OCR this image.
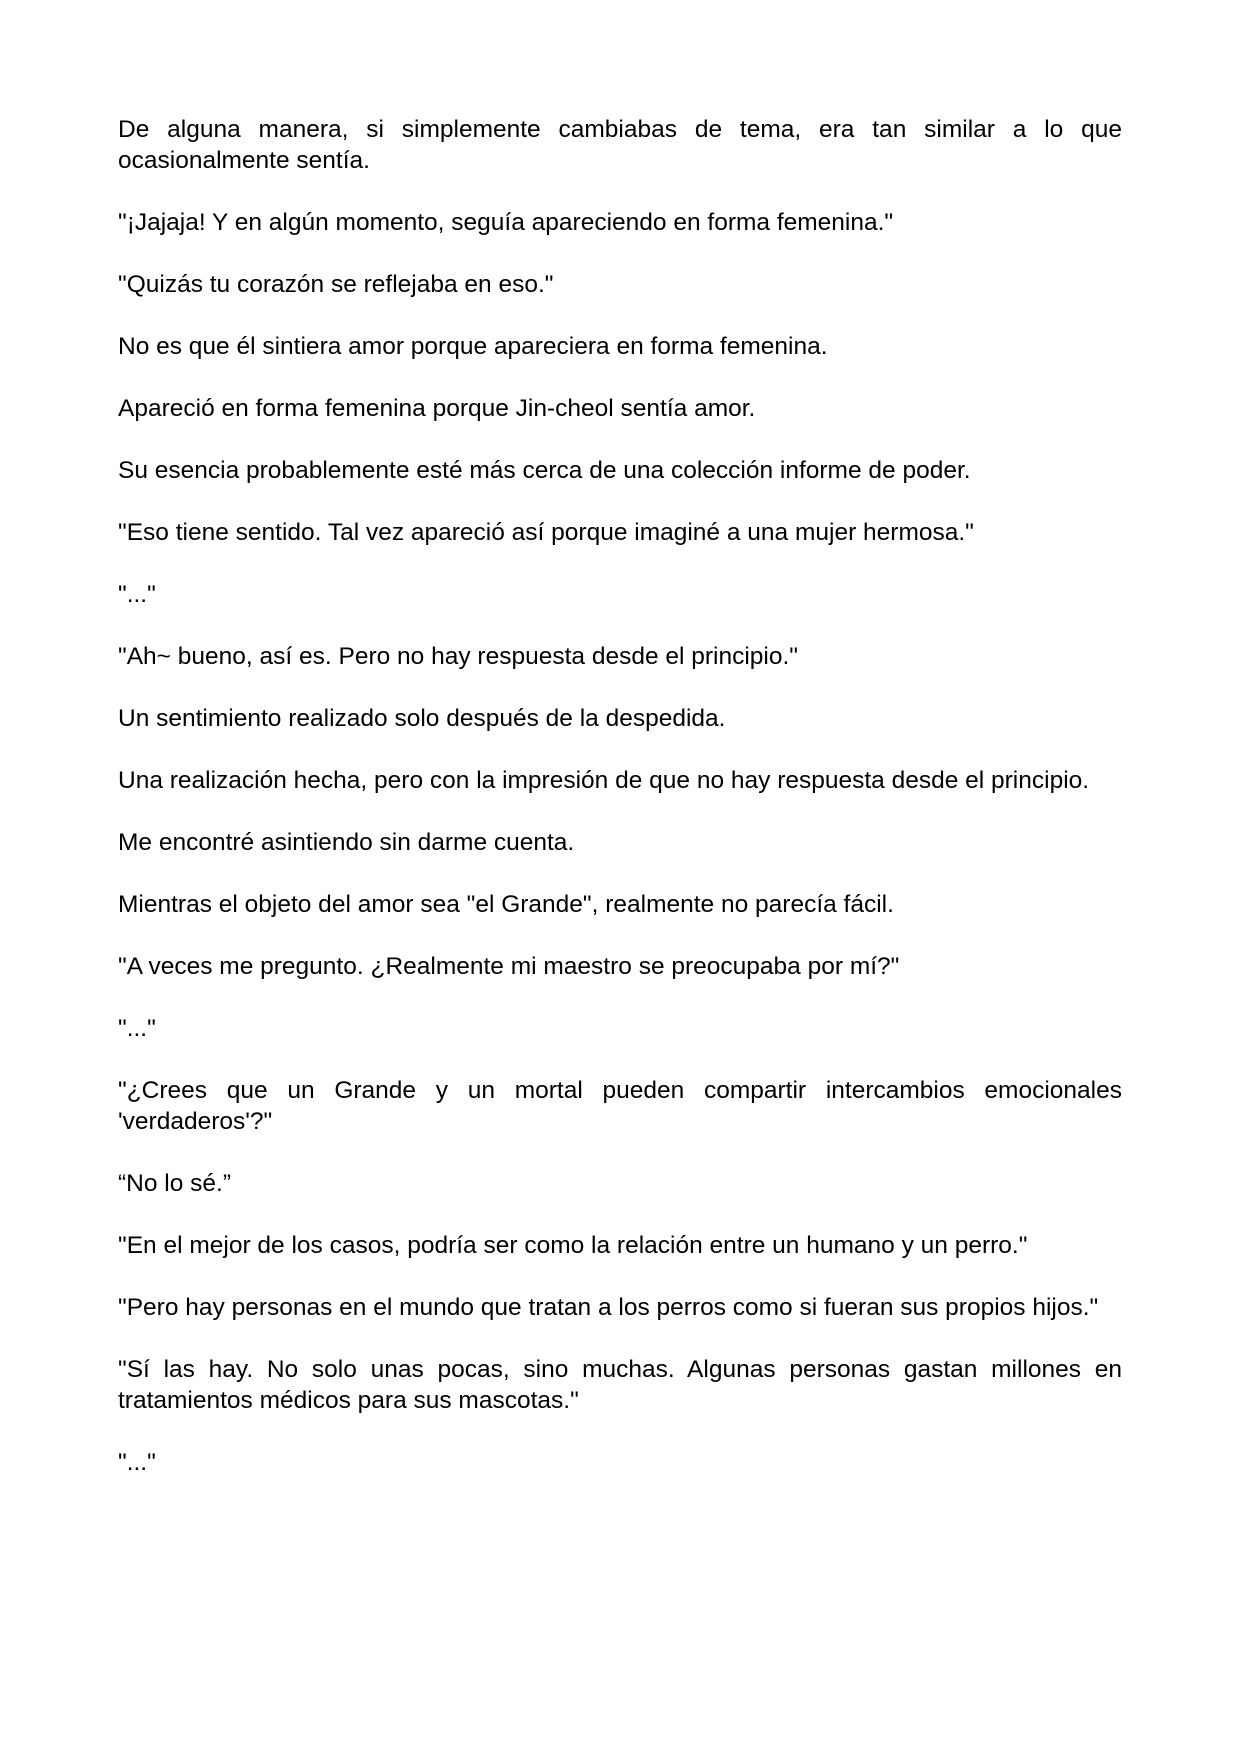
De alguna manera, si simplemente cambiabas de tema, era tan similar a lo que ocasionalmente sentía.

"¡Jajaja! Y en algún momento, seguía apareciendo en forma femenina."

"Quizás tu corazón se reflejaba en eso."

No es que él sintiera amor porque apareciera en forma femenina.

Apareció en forma femenina porque Jin-cheol sentía amor.

Su esencia probablemente esté más cerca de una colección informe de poder.

"Eso tiene sentido. Tal vez apareció así porque imaginé a una mujer hermosa."

"..."

"Ah~ bueno, así es. Pero no hay respuesta desde el principio."

Un sentimiento realizado solo después de la despedida.

Una realización hecha, pero con la impresión de que no hay respuesta desde el principio.

Me encontré asintiendo sin darme cuenta.

Mientras el objeto del amor sea "el Grande", realmente no parecía fácil.

"A veces me pregunto. ¿Realmente mi maestro se preocupaba por mí?"

"..."

"¿Crees que un Grande y un mortal pueden compartir intercambios emocionales 'verdaderos'?"

“No lo sé.”

"En el mejor de los casos, podría ser como la relación entre un humano y un perro."

"Pero hay personas en el mundo que tratan a los perros como si fueran sus propios hijos."

"Sí las hay. No solo unas pocas, sino muchas. Algunas personas gastan millones en tratamientos médicos para sus mascotas."

"..."
